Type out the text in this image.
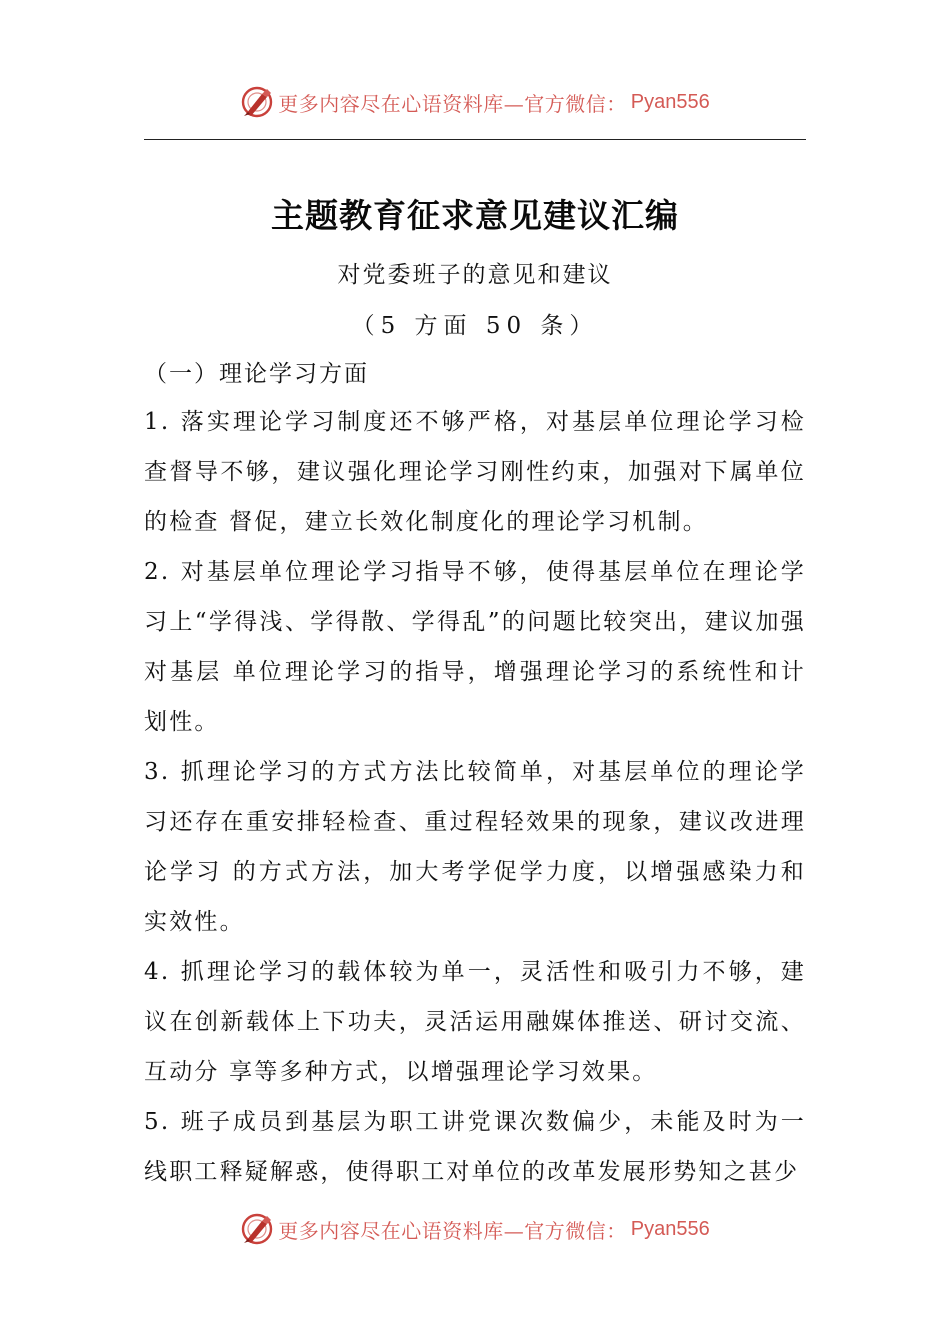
更多内容尽在心语资料库—官方微信： Pyan556
主题教育征求意见建议汇编
对党委班子的意见和建议
（5 方面 50 条）
（一）理论学习方面

1. 落实理论学习制度还不够严格，对基层单位理论学习检查督导不够，建议强化理论学习刚性约束，加强对下属单位的检查 督促，建立长效化制度化的理论学习机制。

2. 对基层单位理论学习指导不够，使得基层单位在理论学习上“学得浅、学得散、学得乱”的问题比较突出，建议加强对基层 单位理论学习的指导，增强理论学习的系统性和计划性。

3. 抓理论学习的方式方法比较简单，对基层单位的理论学习还存在重安排轻检查、重过程轻效果的现象，建议改进理论学习 的方式方法，加大考学促学力度，以增强感染力和实效性。

4. 抓理论学习的载体较为单一，灵活性和吸引力不够，建议在创新载体上下功夫，灵活运用融媒体推送、研讨交流、互动分 享等多种方式，以增强理论学习效果。

5. 班子成员到基层为职工讲党课次数偏少，未能及时为一线职工释疑解惑，使得职工对单位的改革发展形势知之甚少

更多内容尽在心语资料库—官方微信： Pyan556
